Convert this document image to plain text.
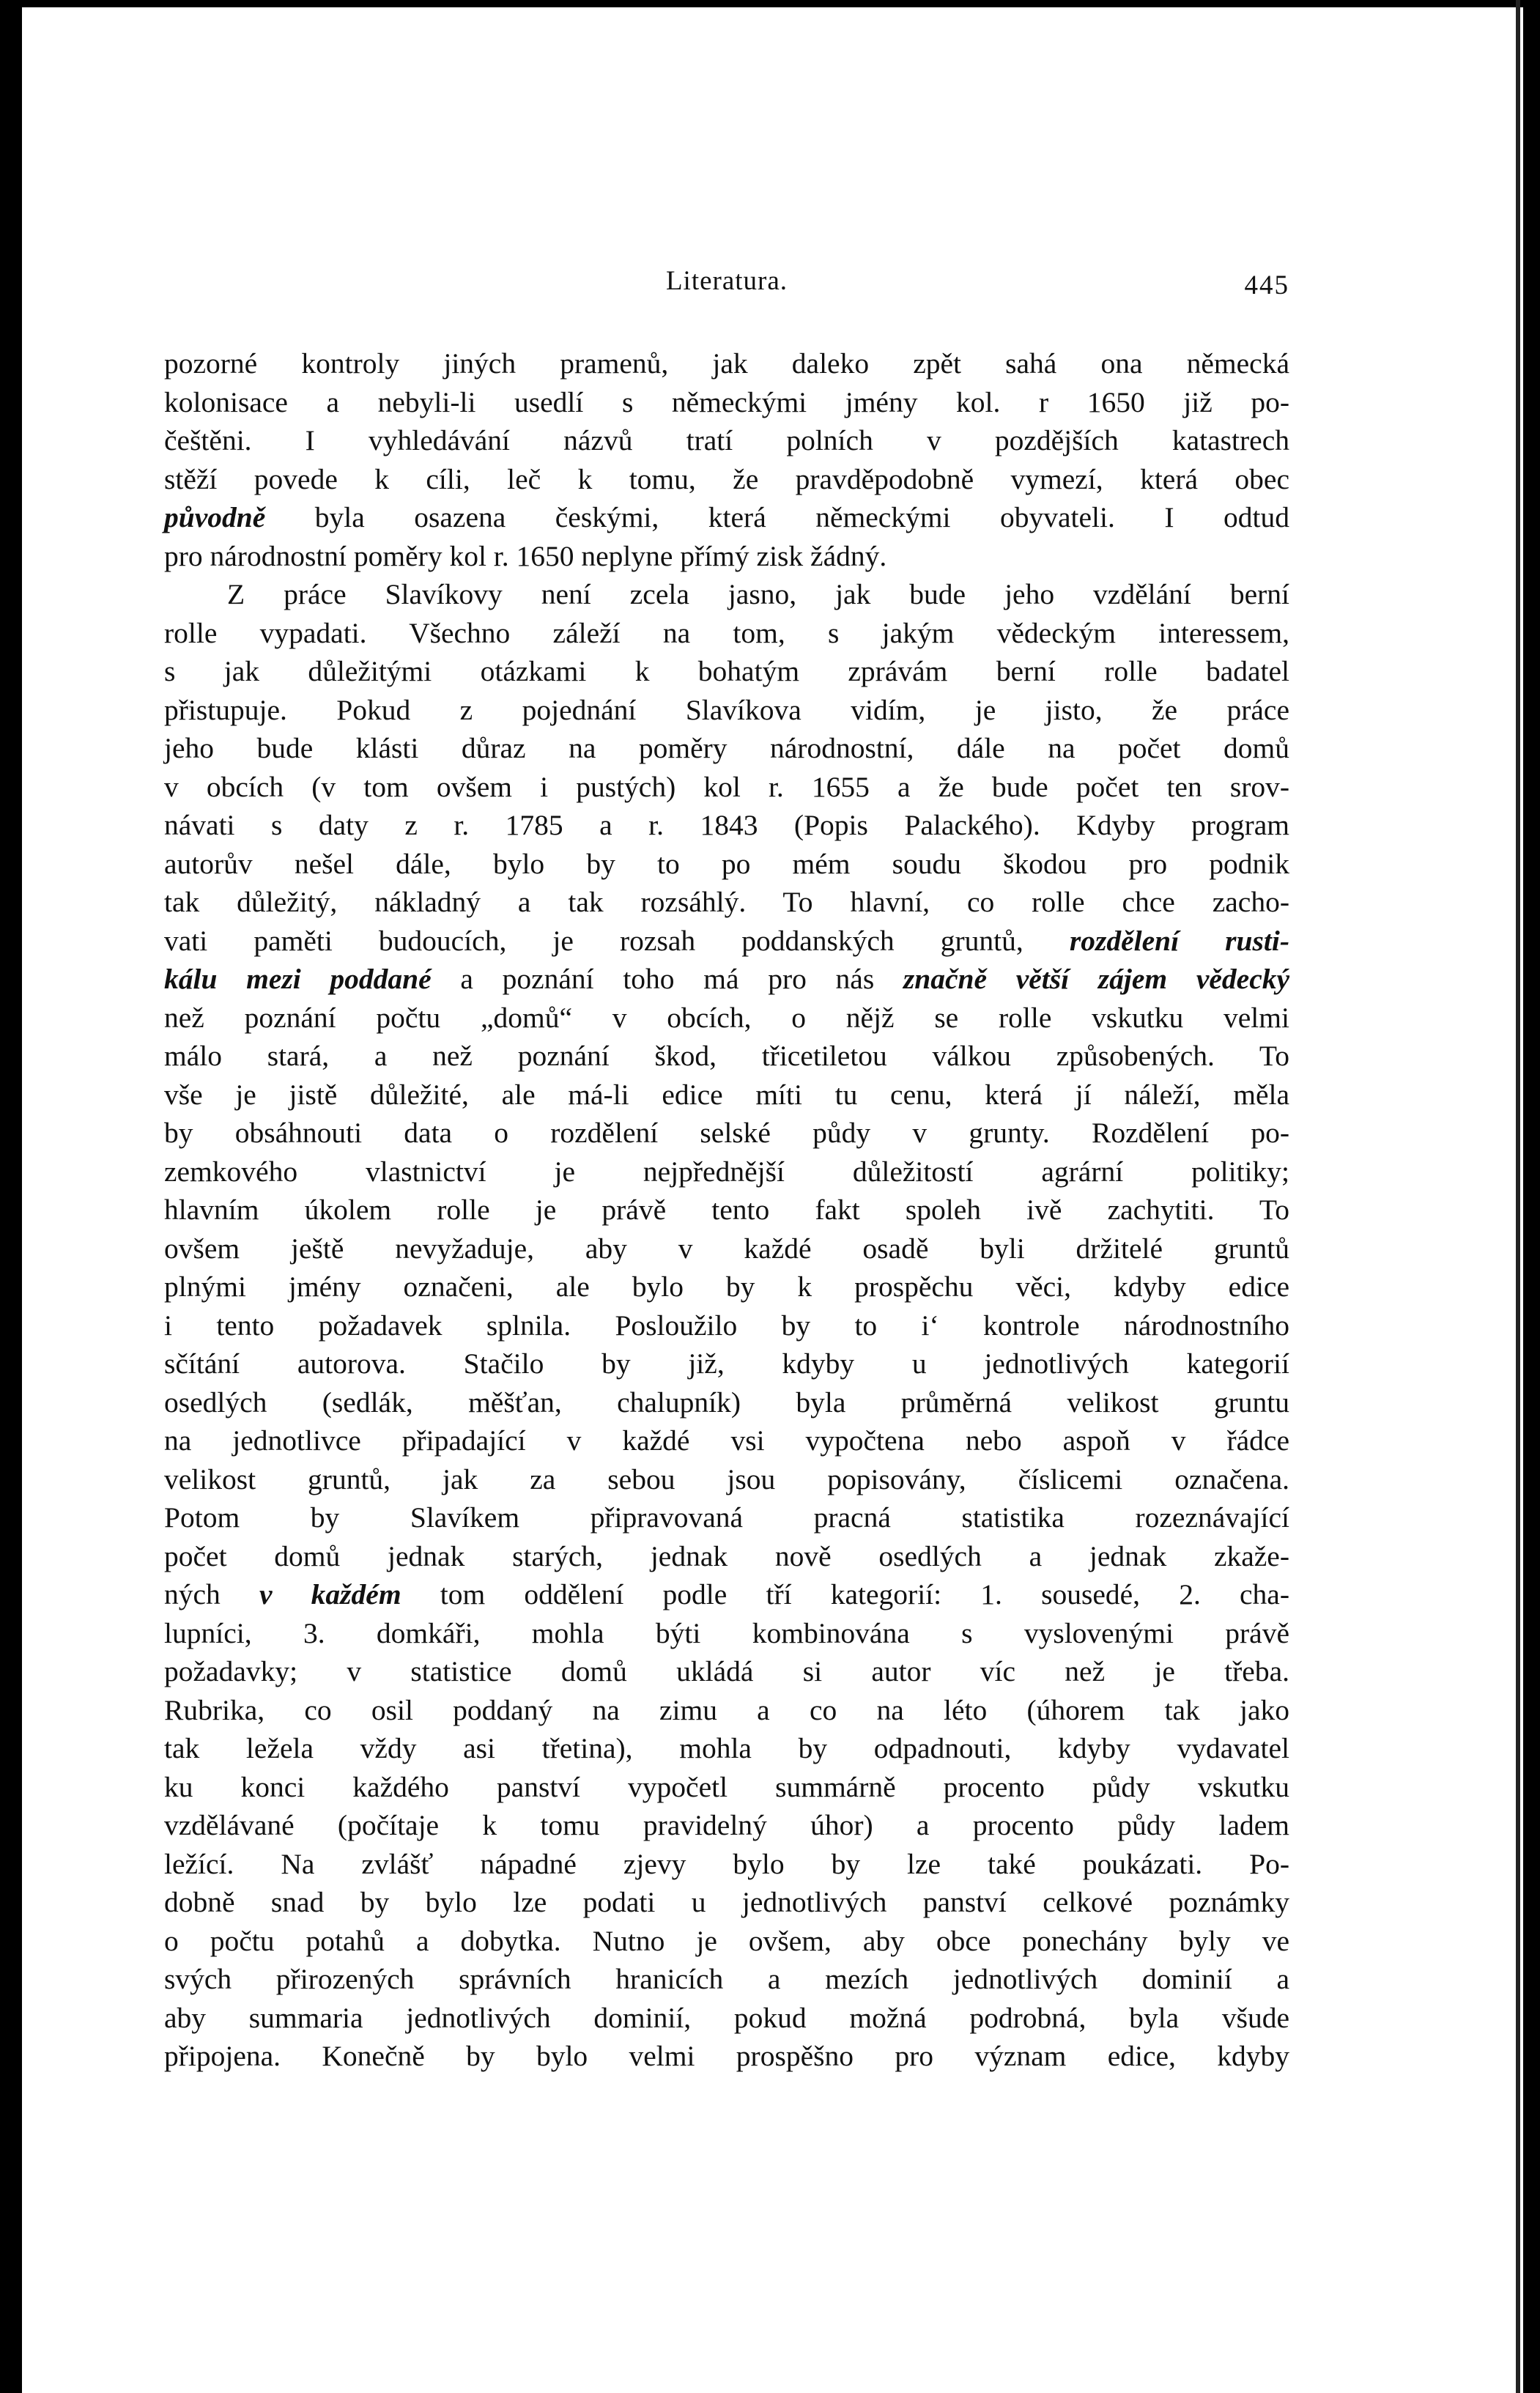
Literatura.	445
pozorné kontroly jiných pramenů, jak daleko zpět sahá ona německá
kolonisace a nebyli-li usedlí s německými jmény kol. r 1650 již po-
češtěni. I vyhledávání názvů tratí polních v pozdějších katastrech
stěží povede k cíli, leč k tomu, že pravděpodobně vymezí, která obec
původně byla osazena českými, která německými obyvateli. I odtud
pro národnostní poměry kol r. 1650 neplyne přímý zisk žádný.
Z práce Slavíkovy není zcela jasno, jak bude jeho vzdělání berní
rolle vypadati. Všechno záleží na tom, s jakým vědeckým interessem,
s jak důležitými otázkami k bohatým zprávám berní rolle badatel
přistupuje. Pokud z pojednání Slavíkova vidím, je jisto, že práce
jeho bude klásti důraz na poměry národnostní, dále na počet domů
v obcích (v tom ovšem i pustých) kol r. 1655 a že bude počet ten srov-
návati s daty z r. 1785 a r. 1843 (Popis Palackého). Kdyby program
autorův nešel dále, bylo by to po mém soudu škodou pro podnik
tak důležitý, nákladný a tak rozsáhlý. To hlavní, co rolle chce zacho-
vati paměti budoucích, je rozsah poddanských gruntů, rozdělení rusti-
kálu mezi poddané a poznání toho má pro nás značně větší zájem vědecký
než poznání počtu „domů“ v obcích, o nějž se rolle vskutku velmi
málo stará, a než poznání škod, třicetiletou válkou způsobených. To
vše je jistě důležité, ale má-li edice míti tu cenu, která jí náleží, měla
by obsáhnouti data o rozdělení selské půdy v grunty. Rozdělení po-
zemkového vlastnictví je nejpřednější důležitostí agrární politiky;
hlavním úkolem rolle je právě tento fakt spoleh ivě zachytiti. To
ovšem ještě nevyžaduje, aby v každé osadě byli držitelé gruntů
plnými jmény označeni, ale bylo by k prospěchu věci, kdyby edice
i tento požadavek splnila. Posloužilo by to i‘ kontrole národnostního
sčítání autorova. Stačilo by již, kdyby u jednotlivých kategorií
osedlých (sedlák, měšťan, chalupník) byla průměrná velikost gruntu
na jednotlivce připadající v každé vsi vypočtena nebo aspoň v řádce
velikost gruntů, jak za sebou jsou popisovány, číslicemi označena.
Potom by Slavíkem připravovaná pracná statistika rozeznávající
počet domů jednak starých, jednak nově osedlých a jednak zkaže-
ných v každém tom oddělení podle tří kategorií: 1. sousedé, 2. cha-
lupníci, 3. domkáři, mohla býti kombinována s vyslovenými právě
požadavky; v statistice domů ukládá si autor víc než je třeba.
Rubrika, co osil poddaný na zimu a co na léto (úhorem tak jako
tak ležela vždy asi třetina), mohla by odpadnouti, kdyby vydavatel
ku konci každého panství vypočetl summárně procento půdy vskutku
vzdělávané (počítaje k tomu pravidelný úhor) a procento půdy ladem
ležící. Na zvlášť nápadné zjevy bylo by lze také poukázati. Po-
dobně snad by bylo lze podati u jednotlivých panství celkové poznámky
o počtu potahů a dobytka. Nutno je ovšem, aby obce ponechány byly ve
svých přirozených správních hranicích a mezích jednotlivých dominií a
aby summaria jednotlivých dominií, pokud možná podrobná, byla všude
připojena. Konečně by bylo velmi prospěšno pro význam edice, kdyby
